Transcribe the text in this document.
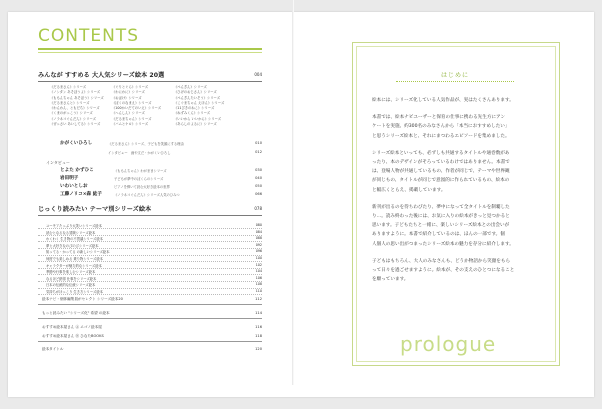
CONTENTS
みんなが すすめる 大人気シリーズ絵本 20選	004
《だるまさん》シリーズ	《ぐりとぐら》シリーズ	《ぺんぎん》シリーズ
《ノンタン あそぼうよ》シリーズ	《わにわに》シリーズ	《ひげのおじさん》シリーズ
《ももんちゃん あそぼう》シリーズ	《おばけ》シリーズ	《ぺんぎんたいそう》シリーズ
《だるまさんと》シリーズ	《ぼくのなまえ》シリーズ	《こぐまちゃん えほん》シリーズ
《わんわん、ともだち》シリーズ	《100かいだてのいえ》シリーズ	《11ぴきのねこ》シリーズ
《くまのがっこう》シリーズ	《へんしん》シリーズ	《ねずみくん》シリーズ
《ノラネコぐんだん》シリーズ	《だるまちゃん》シリーズ	《いいから いいから》シリーズ
《ぜっさい あいしてる》シリーズ	《バムとケロ》シリーズ	《あらしのよるに》シリーズ
かがくいひろし	《だるまさん》シリーズ、子どもを笑顔にする理由	010
インタビュー　画や文だ・かがくいひろし	012
インタビュー
とよた かずひこ	《ももんちゃん》わがままシリーズ	030
岩田明子	子どもが夢中のぼくらのシリーズ	040
いわいとしお	ピアノを弾いて読む大好き絵本の世界	050
工藤ノリコ×森 紘子	《ノラネコぐんだん》シリーズ人気のひみつ	066
じっくり読みたい テーマ別シリーズ絵本	078
ユーモアたっぷり大笑いシリーズ絵本	080
読むとなるなる冒険シリーズ絵本	084
わくわく 生き物の不思議シリーズ絵本	088
夢と大好きなのびのびシリーズ絵本	092
知ってる・かってる の新しいシリーズ絵本	096
何度でも楽しめる 乗り物シリーズ絵本	100
キャラクターが魅力的なシリーズ絵本	102
季節や行事を楽しむシリーズ絵本	104
なるほど納得 仕事をシリーズ絵本	106
日本の伝統的な伝統シリーズ絵本	108
気持ちがほっこり 生き方シリーズ絵本	110
絵本ナビ・個体編集員がセレクト シリーズ絵本20	112
もっと読みたい "シリーズ化" 希望 の絵本	114
おすすめ絵本屋さん Ⓐ エゴノ絵本屋	116
おすすめ絵本屋さん Ⓑ ひなたBOOKS	118
絵本タイトル	120
はじめに
絵本には、シリーズ化している人気作品が、実はたくさんあります。
本書では、絵本ナビユーザーと保育の仕事に携わる先生方にアン
ケートを実施、約300名のみなさんから「本当におすすめしたい」
と思うシリーズ絵本と、それにまつわるエピソードを集めました。
シリーズ絵本といっても、必ずしも共通するタイトルや通巻数があ
ったり、本のデザインがそろっているわけではありません。本書で
は、登場人物が共通しているもの、作者が同じで、テーマや世界観
が同じもの、タイトルが同じで意図的に作られているもの、絵本の
と幅広くとらえ、掲載しています。
新刊が出るのを待ちわびたり、夢中になって全タイトルを制覇した
り…。読み終わった後には、お気に入りの絵本がきっと見つかると
思います。子どもたちと一緒に、楽しいシリーズ絵本との出会いが
ありますように。本書で紹介しているのは、ほんの一部です。個
人個人の思い出がつまったシリーズ絵本の魅力を存分に紹介します。
子どもはもちろん、大人のみなさんも、どうか物語から笑顔をもら
って日々を過ごせますように。絵本が、その支えのひとつになること
を願っています。
prologue
